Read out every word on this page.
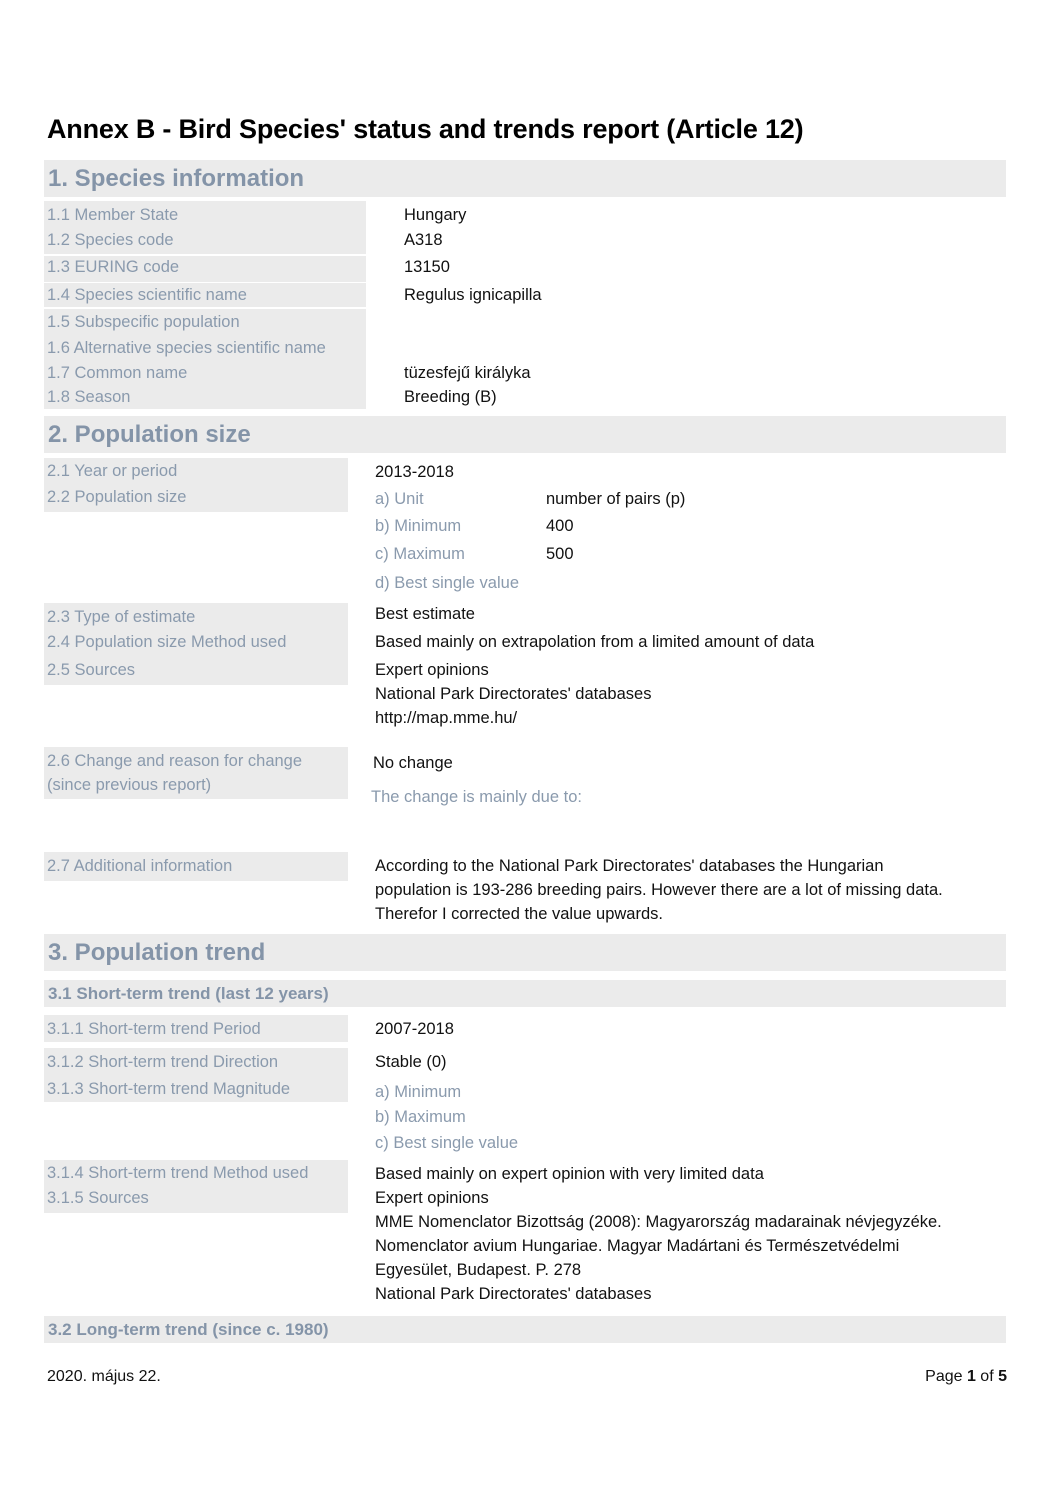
Annex B - Bird Species' status and trends report (Article 12)
1. Species information
1.1 Member State	Hungary
1.2 Species code	A318
1.3 EURING code	13150
1.4 Species scientific name	Regulus ignicapilla
1.5 Subspecific population
1.6 Alternative species scientific name
1.7 Common name	tüzesfejű királyka
1.8 Season	Breeding (B)
2. Population size
2.1 Year or period	2013-2018
2.2 Population size	a) Unit	number of pairs (p)
b) Minimum	400
c) Maximum	500
d) Best single value
2.3 Type of estimate	Best estimate
2.4 Population size Method used	Based mainly on extrapolation from a limited amount of data
2.5 Sources	Expert opinions
National Park Directorates' databases
http://map.mme.hu/
2.6 Change and reason for change
(since previous report)
No change
The change is mainly due to:
2.7 Additional information	According to the National Park Directorates' databases the Hungarian
population is 193-286 breeding pairs. However there are a lot of missing data.
Therefor I corrected the value upwards.
3. Population trend
3.1 Short-term trend (last 12 years)
3.1.1 Short-term trend Period	2007-2018
3.1.2 Short-term trend Direction	Stable (0)
3.1.3 Short-term trend Magnitude	a) Minimum
b) Maximum
c) Best single value
3.1.4 Short-term trend Method used	Based mainly on expert opinion with very limited data
3.1.5 Sources	Expert opinions
MME Nomenclator Bizottság (2008): Magyarország madarainak névjegyzéke.
Nomenclator avium Hungariae. Magyar Madártani és Természetvédelmi
Egyesület, Budapest. P. 278
National Park Directorates' databases
3.2 Long-term trend (since c. 1980)
2020. május 22.	Page 1 of 5
